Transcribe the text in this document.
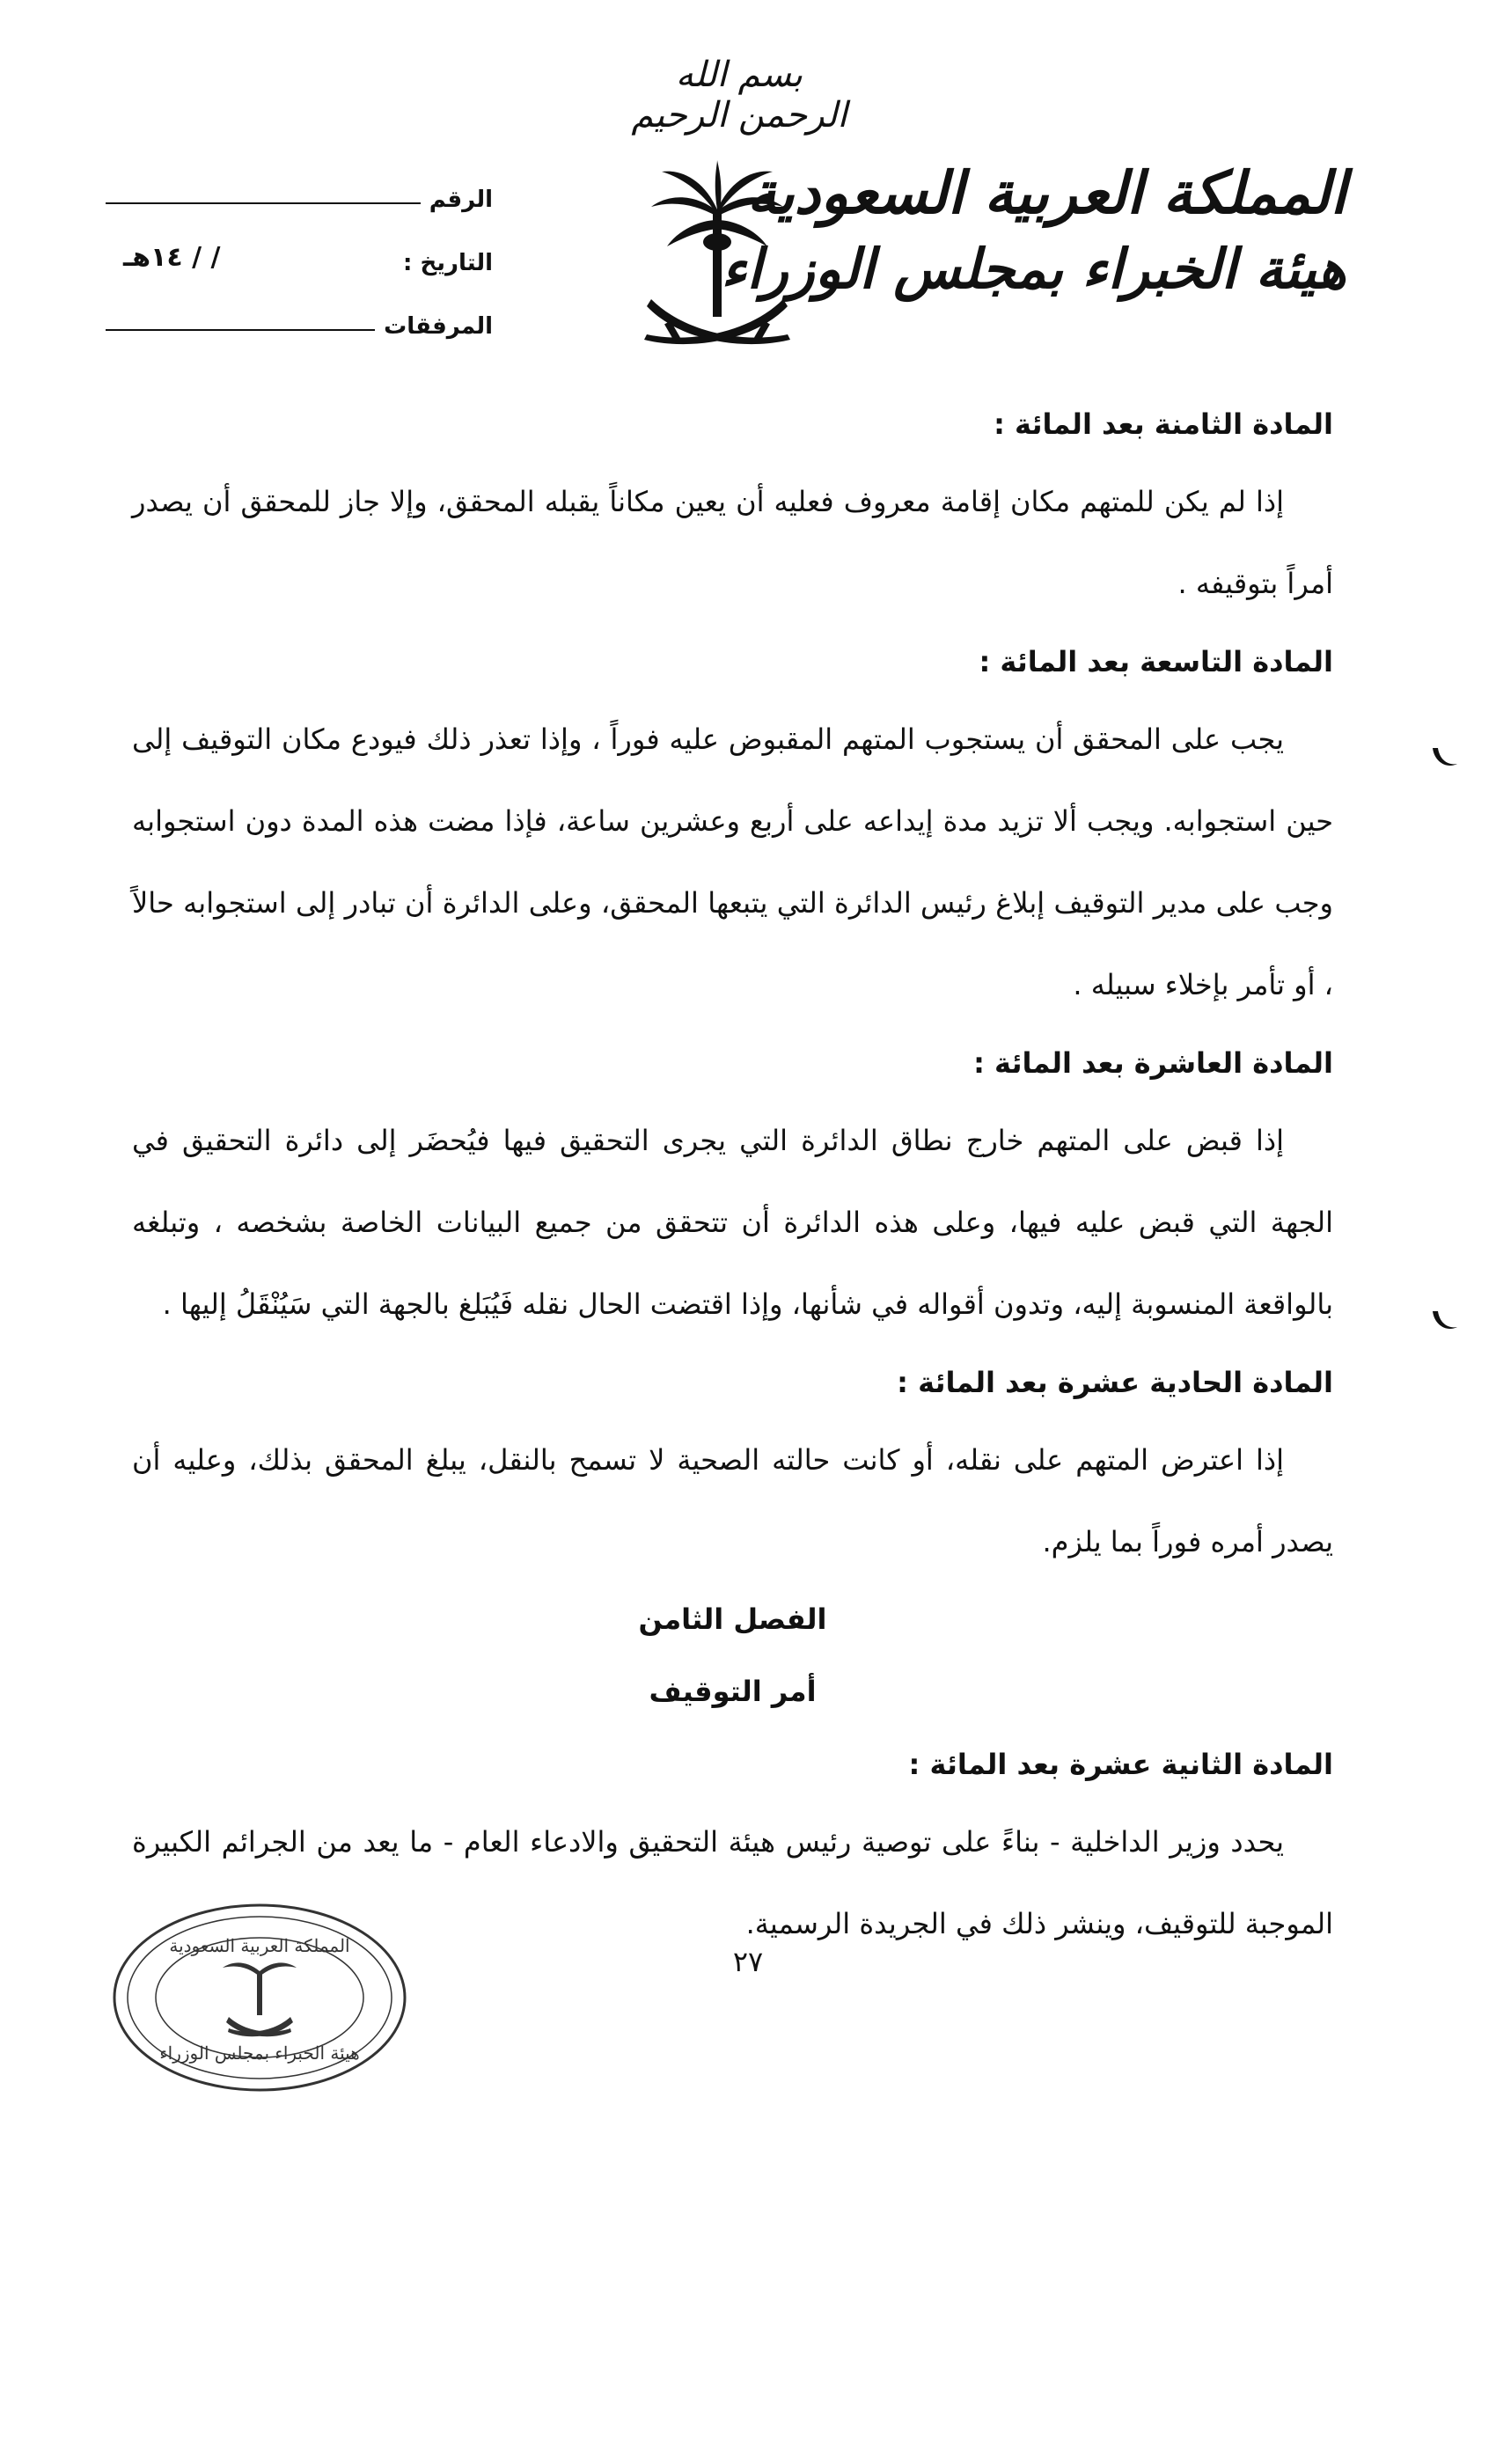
بسم الله الرحمن الرحيم
المملكة العربية السعودية
هيئة الخبراء بمجلس الوزراء
الرقم
التاريخ :
١٤هـ / /
المرفقات

المادة الثامنة بعد المائة :

إذا لم يكن للمتهم مكان إقامة معروف فعليه أن يعين مكاناً يقبله المحقق، وإلا جاز للمحقق أن يصدر أمراً بتوقيفه .

المادة التاسعة بعد المائة :

يجب على المحقق أن يستجوب المتهم المقبوض عليه فوراً ، وإذا تعذر ذلك فيودع مكان التوقيف إلى حين استجوابه. ويجب ألا تزيد مدة إيداعه على أربع وعشرين ساعة، فإذا مضت هذه المدة دون استجوابه وجب على مدير التوقيف إبلاغ رئيس الدائرة التي يتبعها المحقق، وعلى الدائرة أن تبادر إلى استجوابه حالاً ، أو تأمر بإخلاء سبيله .

المادة العاشرة بعد المائة :

إذا قبض على المتهم خارج نطاق الدائرة التي يجرى التحقيق فيها فيُحضَر إلى دائرة التحقيق في الجهة التي قبض عليه فيها، وعلى هذه الدائرة أن تتحقق من جميع البيانات الخاصة بشخصه ، وتبلغه بالواقعة المنسوبة إليه، وتدون أقواله في شأنها، وإذا اقتضت الحال نقله فَيُبَلغ بالجهة التي سَيُنْقَلُ إليها .

المادة الحادية عشرة بعد المائة :

إذا اعترض المتهم على نقله، أو كانت حالته الصحية لا تسمح بالنقل، يبلغ المحقق بذلك، وعليه أن يصدر أمره فوراً بما يلزم.

الفصل الثامن

أمر التوقيف

المادة الثانية عشرة بعد المائة :

يحدد وزير الداخلية - بناءً على توصية رئيس هيئة التحقيق والادعاء العام - ما يعد من الجرائم الكبيرة الموجبة للتوقيف، وينشر ذلك في الجريدة الرسمية.

٢٧
المملكة العربية السعودية
هيئة الخبراء بمجلس الوزراء
